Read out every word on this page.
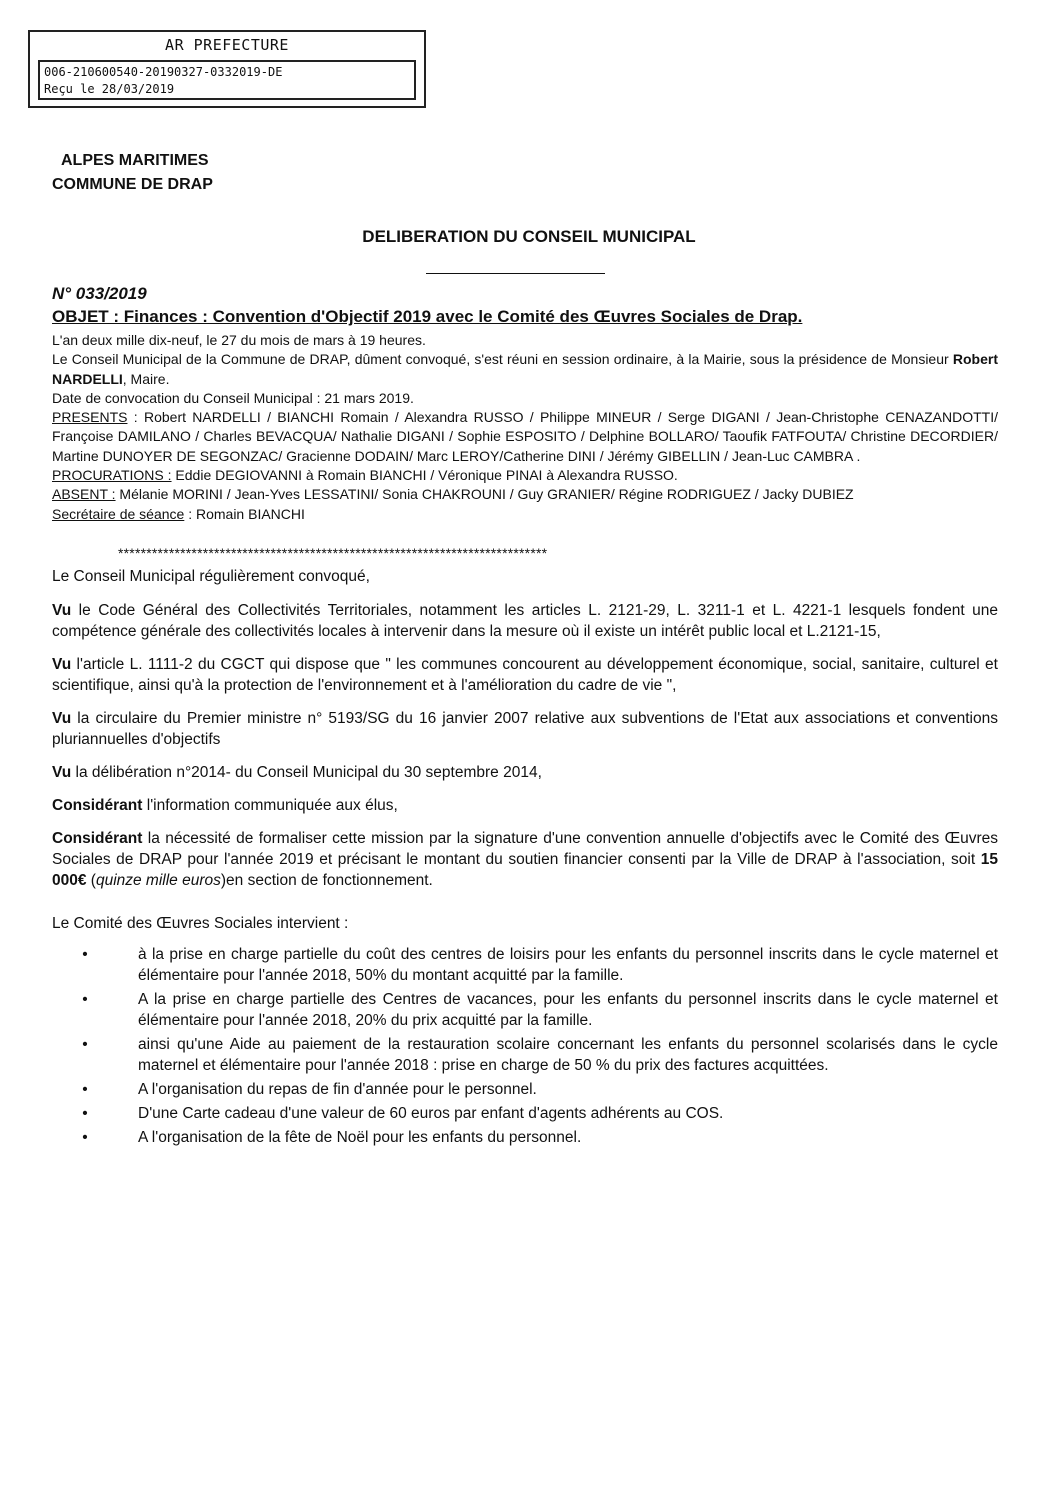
AR PREFECTURE
006-210600540-20190327-0332019-DE
Reçu le 28/03/2019
ALPES MARITIMES
COMMUNE DE DRAP
DELIBERATION DU CONSEIL MUNICIPAL
N° 033/2019
OBJET : Finances : Convention d'Objectif 2019 avec le Comité des Œuvres Sociales de Drap.

L'an deux mille dix-neuf, le 27 du mois de mars à 19 heures.

Le Conseil Municipal de la Commune de DRAP, dûment convoqué, s'est réuni en session ordinaire, à la Mairie, sous la présidence de Monsieur Robert NARDELLI, Maire.

Date de convocation du Conseil Municipal : 21 mars 2019.

PRESENTS : Robert NARDELLI / BIANCHI Romain / Alexandra RUSSO / Philippe MINEUR / Serge DIGANI / Jean-Christophe CENAZANDOTTI/ Françoise DAMILANO / Charles BEVACQUA/ Nathalie DIGANI / Sophie ESPOSITO / Delphine BOLLARO/ Taoufik FATFOUTA/ Christine DECORDIER/ Martine DUNOYER DE SEGONZAC/ Gracienne DODAIN/ Marc LEROY/Catherine DINI / Jérémy GIBELLIN / Jean-Luc CAMBRA .

PROCURATIONS : Eddie DEGIOVANNI à Romain BIANCHI / Véronique PINAI à Alexandra RUSSO.

ABSENT : Mélanie MORINI / Jean-Yves LESSATINI/ Sonia CHAKROUNI / Guy GRANIER/ Régine RODRIGUEZ / Jacky DUBIEZ

Secrétaire de séance : Romain BIANCHI

****************************************************************************

Le Conseil Municipal régulièrement convoqué,

Vu le Code Général des Collectivités Territoriales, notamment les articles L. 2121-29, L. 3211-1 et L. 4221-1 lesquels fondent une compétence générale des collectivités locales à intervenir dans la mesure où il existe un intérêt public local et L.2121-15,

Vu l'article L. 1111-2 du CGCT qui dispose que " les communes concourent au développement économique, social, sanitaire, culturel et scientifique, ainsi qu'à la protection de l'environnement et à l'amélioration du cadre de vie ",

Vu la circulaire du Premier ministre n° 5193/SG du 16 janvier 2007 relative aux subventions de l'Etat aux associations et conventions pluriannuelles d'objectifs

Vu la délibération n°2014- du Conseil Municipal du 30 septembre 2014,

Considérant l'information communiquée aux élus,

Considérant la nécessité de formaliser cette mission par la signature d'une convention annuelle d'objectifs avec le Comité des Œuvres Sociales de DRAP pour l'année 2019 et précisant le montant du soutien financier consenti par la Ville de DRAP à l'association, soit 15 000€ (quinze mille euros)en section de fonctionnement.

Le Comité des Œuvres Sociales intervient :

• à la prise en charge partielle du coût des centres de loisirs pour les enfants du personnel inscrits dans le cycle maternel et élémentaire pour l'année 2018, 50% du montant acquitté par la famille.
• A la prise en charge partielle des Centres de vacances, pour les enfants du personnel inscrits dans le cycle maternel et élémentaire pour l'année 2018, 20% du prix acquitté par la famille.
• ainsi qu'une Aide au paiement de la restauration scolaire concernant les enfants du personnel scolarisés dans le cycle maternel et élémentaire pour l'année 2018 : prise en charge de 50 % du prix des factures acquittées.
• A l'organisation du repas de fin d'année pour le personnel.
• D'une Carte cadeau d'une valeur de 60 euros par enfant d'agents adhérents au COS.
• A l'organisation de la fête de Noël pour les enfants du personnel.
